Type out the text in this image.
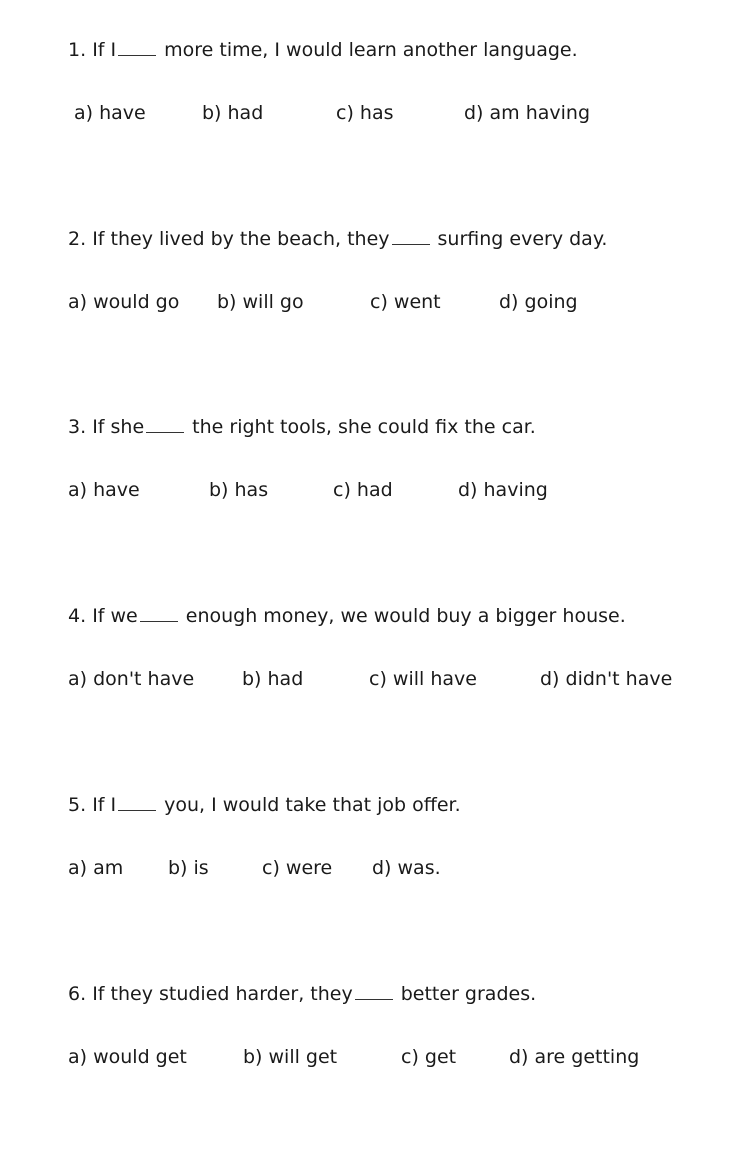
1. If I	more time, I would learn another language.
a) have	b) had	c) has	d) am having
2. If they lived by the beach, they	surfing every day.
a) would go b) will go	c) went	d) going
3. If she	the right tools, she could fix the car.
a) have	b) has	c) had	d) having
4. If we	enough money, we would buy a bigger house.
a) don't have	b) had	c) will have	d) didn't have
5. If I	you, I would take that job offer.
a) am b) is	c) were d) was.
6. If they studied harder, they	better grades.
a) would get	b) will get	c) get	d) are getting
